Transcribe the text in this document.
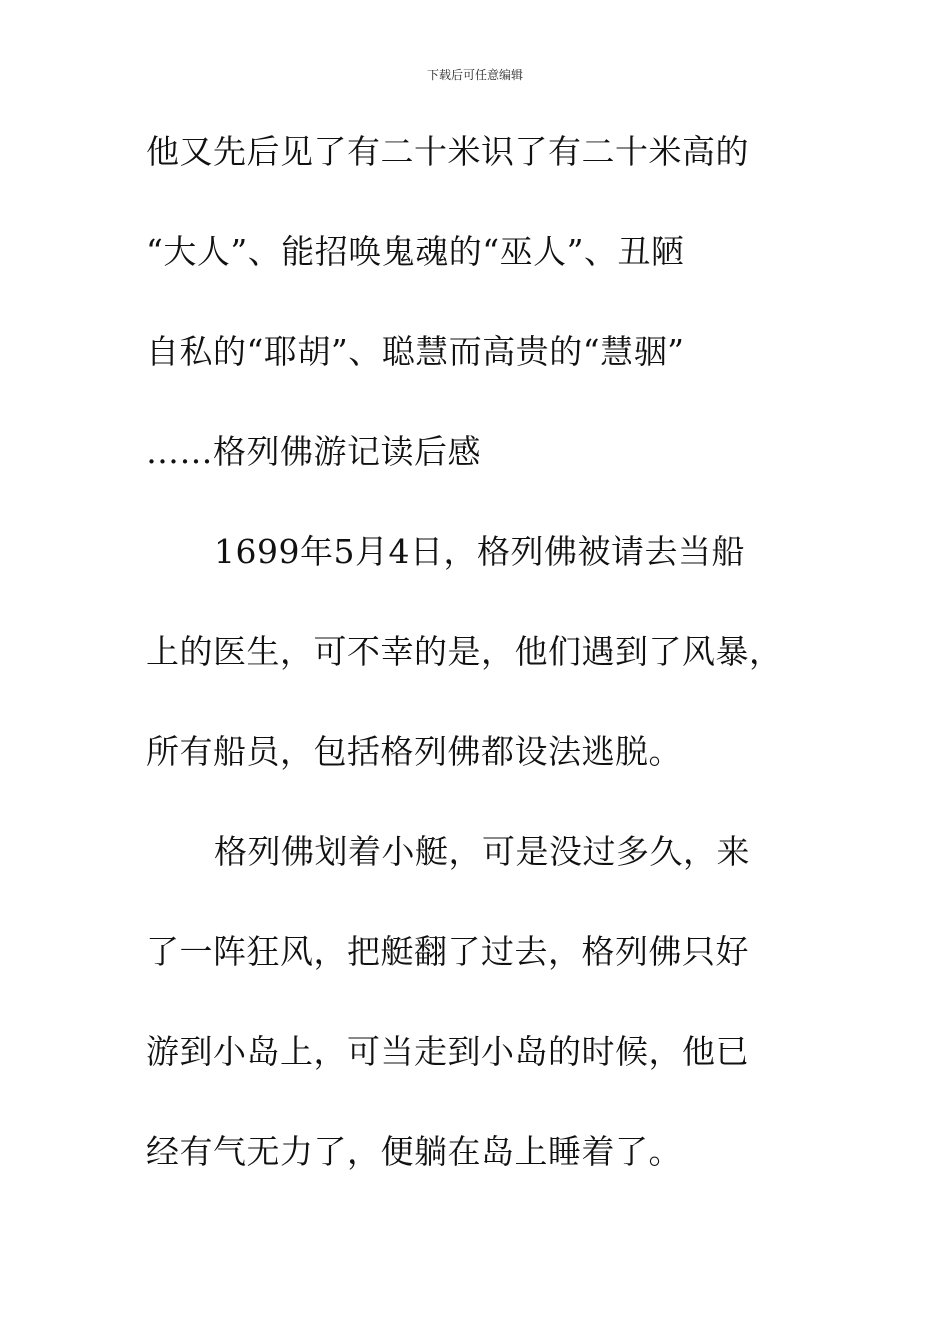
下载后可任意编辑
他又先后见了有二十米识了有二十米高的
“大人”、能招唤鬼魂的“巫人”、丑陋
自私的“耶胡”、聪慧而高贵的“慧骃”
……格列佛游记读后感
1699年5月4日，格列佛被请去当船
上的医生，可不幸的是，他们遇到了风暴，
所有船员，包括格列佛都设法逃脱。
格列佛划着小艇，可是没过多久，来
了一阵狂风，把艇翻了过去，格列佛只好
游到小岛上，可当走到小岛的时候，他已
经有气无力了，便躺在岛上睡着了。
